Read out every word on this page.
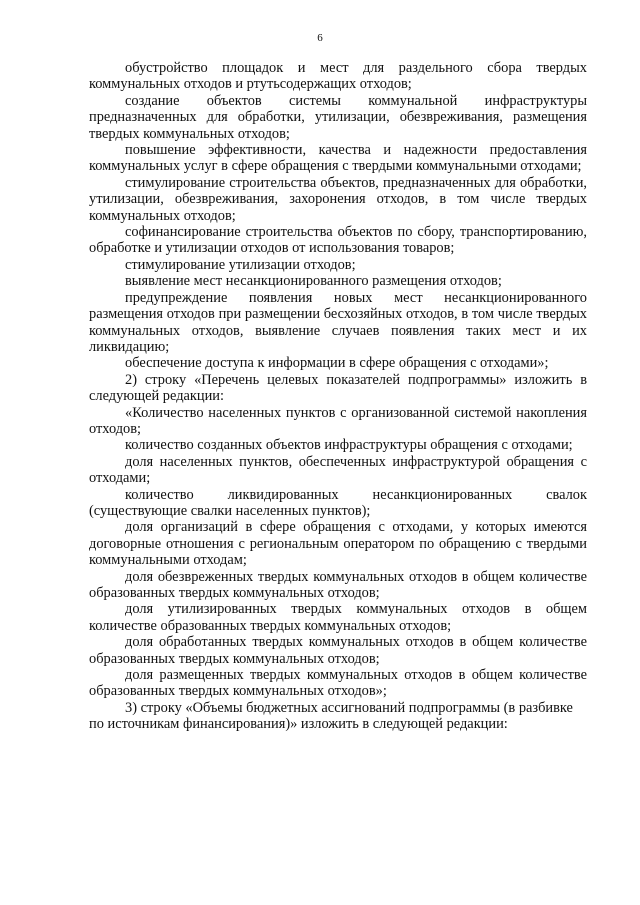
6

обустройство площадок и мест для раздельного сбора твердых коммунальных отходов и ртутьсодержащих отходов;

создание объектов системы коммунальной инфраструктуры предназначенных для обработки, утилизации, обезвреживания, размещения твердых коммунальных отходов;

повышение эффективности, качества и надежности предоставления коммунальных услуг в сфере обращения с твердыми коммунальными отходами;

стимулирование строительства объектов, предназначенных для обработки, утилизации, обезвреживания, захоронения отходов, в том числе твердых коммунальных отходов;

софинансирование строительства объектов по сбору, транспортированию, обработке и утилизации отходов от использования товаров;

стимулирование утилизации отходов;

выявление мест несанкционированного размещения отходов;

предупреждение появления новых мест несанкционированного размещения отходов при размещении бесхозяйных отходов, в том числе твердых коммунальных отходов, выявление случаев появления таких мест и их ликвидацию;

обеспечение доступа к информации в сфере обращения с отходами»;

2) строку «Перечень целевых показателей подпрограммы» изложить в следующей редакции:

«Количество населенных пунктов с организованной системой накопления отходов;

количество созданных объектов инфраструктуры обращения с отходами;

доля населенных пунктов, обеспеченных инфраструктурой обращения с отходами;

количество ликвидированных несанкционированных свалок (существующие свалки населенных пунктов);

доля организаций в сфере обращения с отходами, у которых имеются договорные отношения с региональным оператором по обращению с твердыми коммунальными отходам;

доля обезвреженных твердых коммунальных отходов в общем количестве образованных твердых коммунальных отходов;

доля утилизированных твердых коммунальных отходов в общем количестве образованных твердых коммунальных отходов;

доля обработанных твердых коммунальных отходов в общем количестве образованных твердых коммунальных отходов;

доля размещенных твердых коммунальных отходов в общем количестве образованных твердых коммунальных отходов»;

3) строку «Объемы бюджетных ассигнований подпрограммы (в разбивке по источникам финансирования)» изложить в следующей редакции:
